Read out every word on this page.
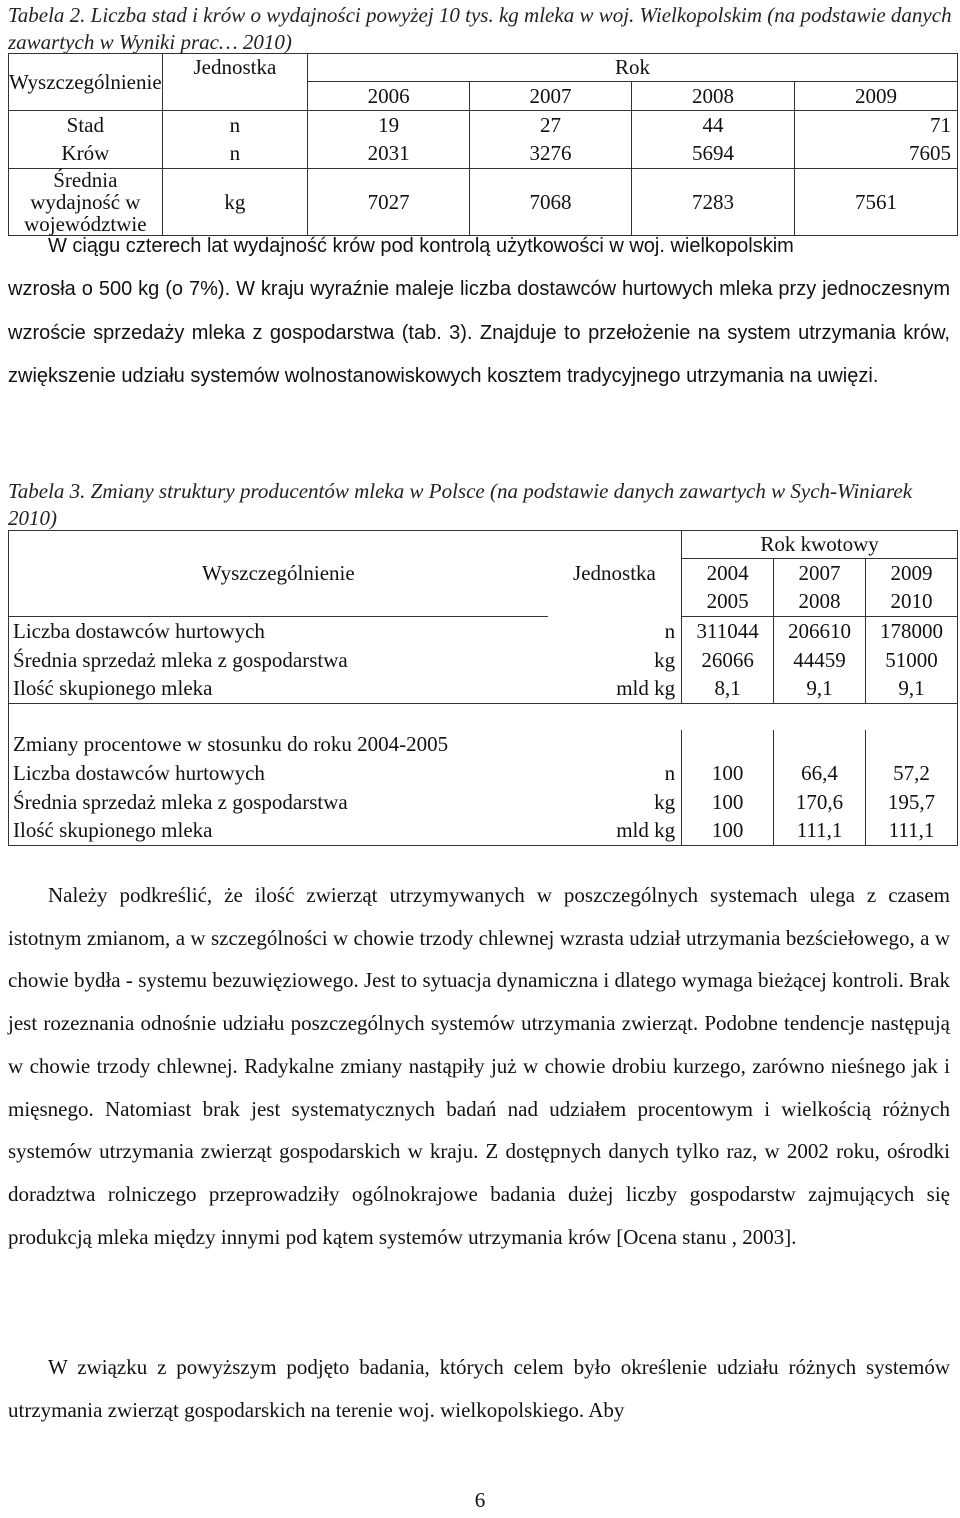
Tabela 2. Liczba stad i krów o wydajności powyżej 10 tys. kg mleka w woj. Wielkopolskim (na podstawie danych zawartych w Wyniki prac… 2010)
Wyszczególnienie	Jednostka	Rok			
		2006	2007	2008	2009
Stad	n	19	27	44	71
Krów	n	2031	3276	5694	7605
Średnia wydajność w województwie	kg	7027	7068	7283	7561
W ciągu czterech lat wydajność krów pod kontrolą użytkowości w woj. wielkopolskim
wzrosła o 500 kg (o 7%). W kraju wyraźnie maleje liczba dostawców hurtowych mleka przy jednoczesnym wzroście sprzedaży mleka z gospodarstwa (tab. 3). Znajduje to przełożenie na system utrzymania krów, zwiększenie udziału systemów wolnostanowiskowych kosztem tradycyjnego utrzymania na uwięzi.
Tabela 3. Zmiany struktury producentów mleka w Polsce (na podstawie danych zawartych w Sych-Winiarek 2010)
Wyszczególnienie	Jednostka	Rok kwotowy		
		2004	2007	2009
		2005	2008	2010
Liczba dostawców hurtowych	n	311044	206610	178000
Średnia sprzedaż mleka z gospodarstwa	kg	26066	44459	51000
Ilość skupionego mleka	mld kg	8,1	9,1	9,1

Zmiany procentowe w stosunku do roku 2004-2005				
Liczba dostawców hurtowych	n	100	66,4	57,2
Średnia sprzedaż mleka z gospodarstwa	kg	100	170,6	195,7
Ilość skupionego mleka	mld kg	100	111,1	111,1
Należy podkreślić, że ilość zwierząt utrzymywanych w poszczególnych systemach ulega z czasem istotnym zmianom, a w szczególności w chowie trzody chlewnej wzrasta udział utrzymania bezściełowego, a w chowie bydła - systemu bezuwięziowego. Jest to sytuacja dynamiczna i dlatego wymaga bieżącej kontroli. Brak jest rozeznania odnośnie udziału poszczególnych systemów utrzymania zwierząt. Podobne tendencje następują w chowie trzody chlewnej. Radykalne zmiany nastąpiły już w chowie drobiu kurzego, zarówno nieśnego jak i mięsnego. Natomiast brak jest systematycznych badań nad udziałem procentowym i wielkością różnych systemów utrzymania zwierząt gospodarskich w kraju. Z dostępnych danych tylko raz, w 2002 roku, ośrodki doradztwa rolniczego przeprowadziły ogólnokrajowe badania dużej liczby gospodarstw zajmujących się produkcją mleka między innymi pod kątem systemów utrzymania krów [Ocena stanu , 2003].
W związku z powyższym podjęto badania, których celem było określenie udziału różnych systemów utrzymania zwierząt gospodarskich na terenie woj. wielkopolskiego. Aby
6
